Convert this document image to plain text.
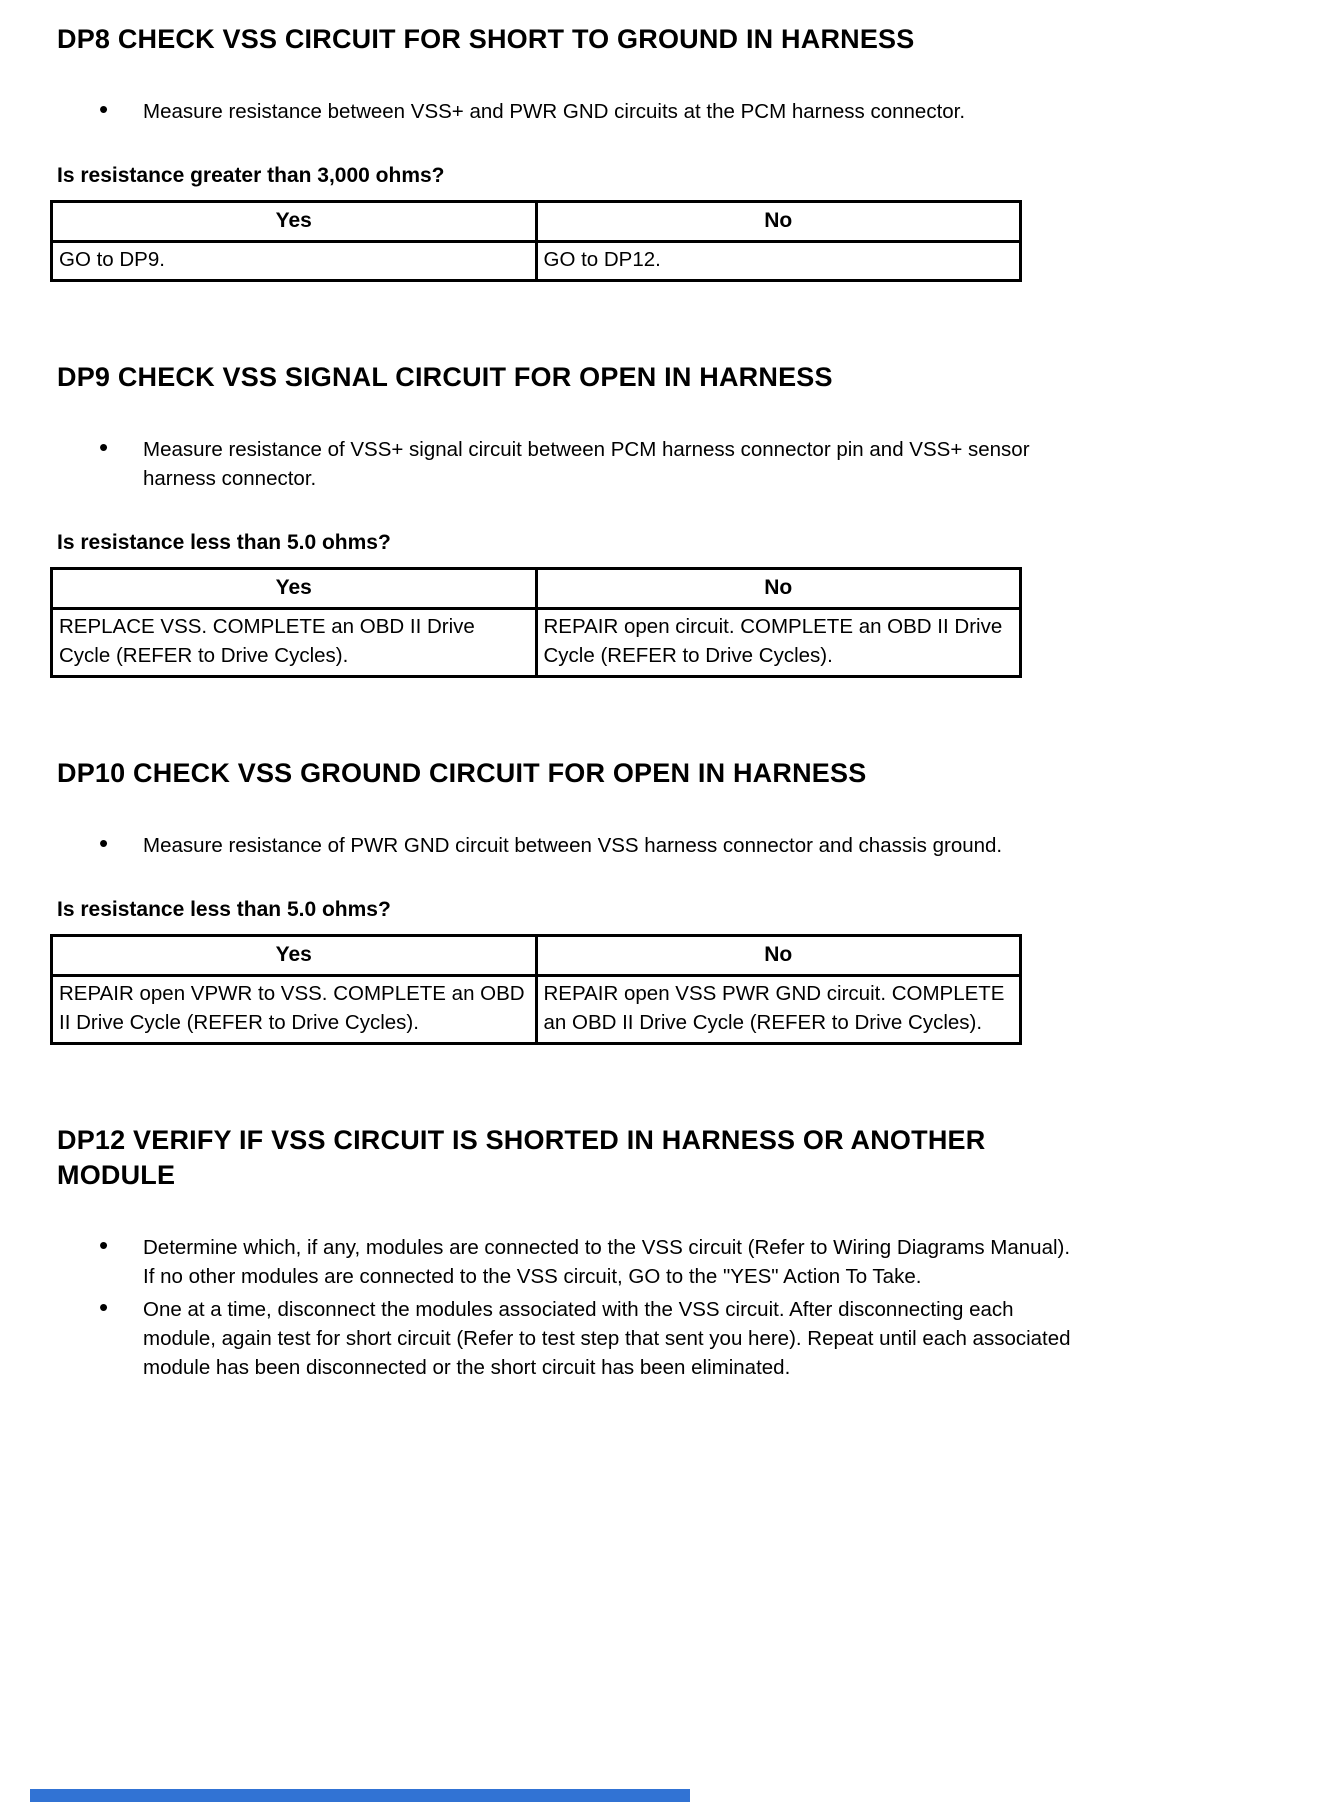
DP8 CHECK VSS CIRCUIT FOR SHORT TO GROUND IN HARNESS
• Measure resistance between VSS+ and PWR GND circuits at the PCM harness connector.

Is resistance greater than 3,000 ohms?

Yes	No
GO to DP9.	GO to DP12.
DP9 CHECK VSS SIGNAL CIRCUIT FOR OPEN IN HARNESS
• Measure resistance of VSS+ signal circuit between PCM harness connector pin and VSS+ sensor harness connector.

Is resistance less than 5.0 ohms?

Yes	No
REPLACE VSS. COMPLETE an OBD II Drive Cycle (REFER to Drive Cycles).	REPAIR open circuit. COMPLETE an OBD II Drive Cycle (REFER to Drive Cycles).
DP10 CHECK VSS GROUND CIRCUIT FOR OPEN IN HARNESS
• Measure resistance of PWR GND circuit between VSS harness connector and chassis ground.

Is resistance less than 5.0 ohms?

Yes	No
REPAIR open VPWR to VSS. COMPLETE an OBD II Drive Cycle (REFER to Drive Cycles).	REPAIR open VSS PWR GND circuit. COMPLETE an OBD II Drive Cycle (REFER to Drive Cycles).
DP12 VERIFY IF VSS CIRCUIT IS SHORTED IN HARNESS OR ANOTHER MODULE
• Determine which, if any, modules are connected to the VSS circuit (Refer to Wiring Diagrams Manual). If no other modules are connected to the VSS circuit, GO to the "YES" Action To Take.
• One at a time, disconnect the modules associated with the VSS circuit. After disconnecting each module, again test for short circuit (Refer to test step that sent you here). Repeat until each associated module has been disconnected or the short circuit has been eliminated.
